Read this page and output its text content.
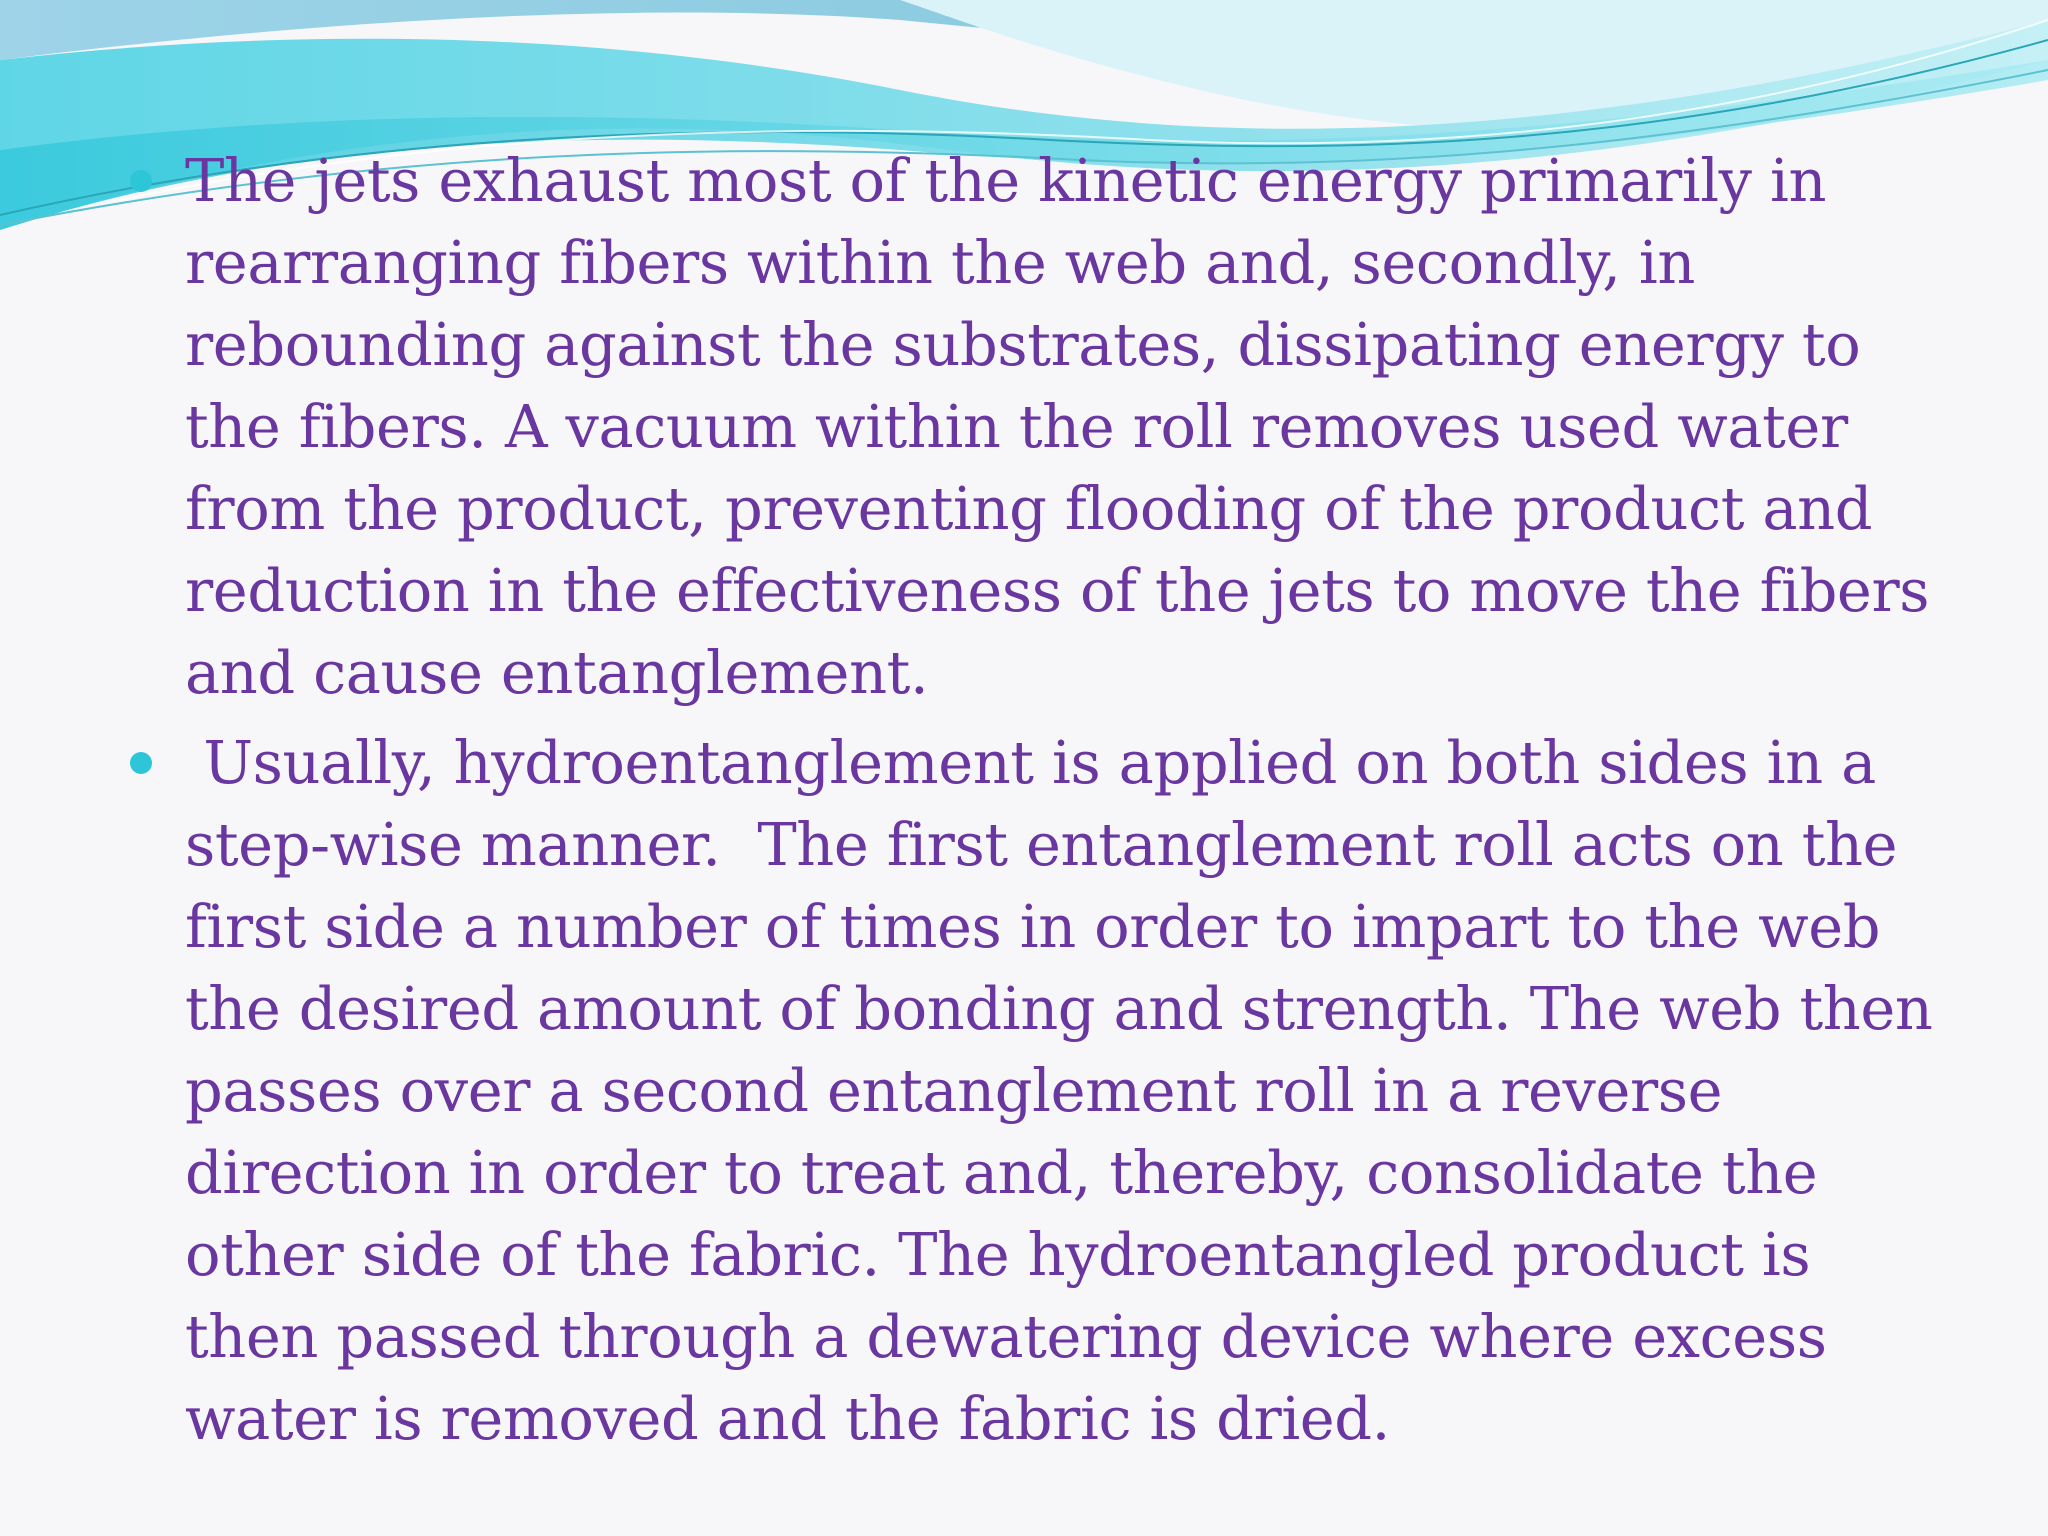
The jets exhaust most of the kinetic energy primarily in
rearranging fibers within the web and, secondly, in
rebounding against the substrates, dissipating energy to
the fibers. A vacuum within the roll removes used water
from the product, preventing flooding of the product and
reduction in the effectiveness of the jets to move the fibers
and cause entanglement.
Usually, hydroentanglement is applied on both sides in a
step-wise manner.  The first entanglement roll acts on the
first side a number of times in order to impart to the web
the desired amount of bonding and strength. The web then
passes over a second entanglement roll in a reverse
direction in order to treat and, thereby, consolidate the
other side of the fabric. The hydroentangled product is
then passed through a dewatering device where excess
water is removed and the fabric is dried.
